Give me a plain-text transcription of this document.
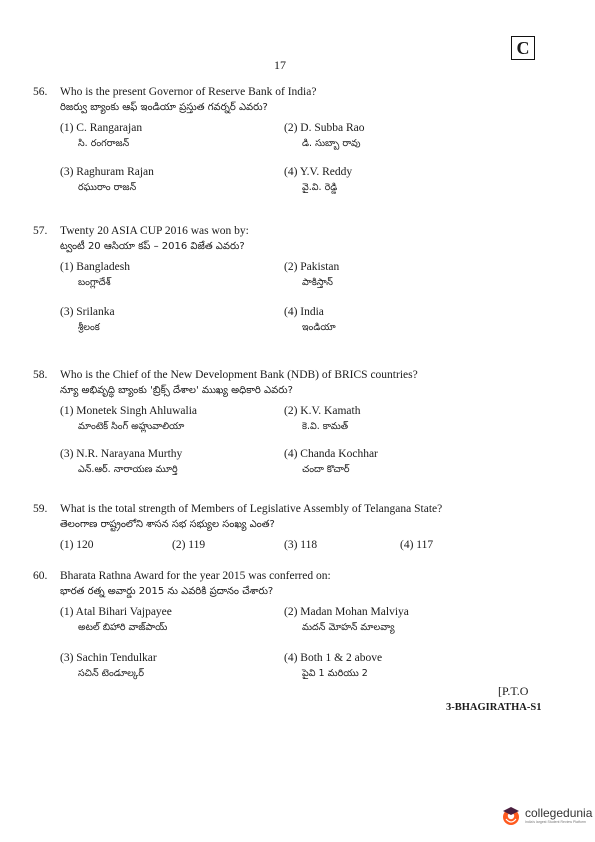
C
17
56.	Who is the present Governor of Reserve Bank of India?
రిజర్వు బ్యాంకు ఆఫ్ ఇండియా ప్రస్తుత గవర్నర్ ఎవరు?
(1) C. Rangarajan
సి. రంగరాజన్
(2) D. Subba Rao
డి. సుబ్బా రావు
(3) Raghuram Rajan
రఘురాం రాజన్
(4) Y.V. Reddy
వై.వి. రెడ్డి
57.	Twenty 20 ASIA CUP 2016 was won by:
ట్వంటీ 20 ఆసియా కప్ – 2016 విజేత ఎవరు?
(1) Bangladesh
బంగ్లాదేశ్
(2) Pakistan
పాకిస్తాన్
(3) Srilanka
శ్రీలంక
(4) India
ఇండియా
58.	Who is the Chief of the New Development Bank (NDB) of BRICS countries?
న్యూ అభివృద్ధి బ్యాంకు 'బ్రిక్స్ దేశాల' ముఖ్య అధికారి ఎవరు?
(1) Monetek Singh Ahluwalia
మాంటెక్ సింగ్ అహ్లువాలియా
(2) K.V. Kamath
కె.వి. కామత్
(3) N.R. Narayana Murthy
ఎన్.ఆర్. నారాయణ మూర్తి
(4) Chanda Kochhar
చందా కొచార్
59.	What is the total strength of Members of Legislative Assembly of Telangana State?
తెలంగాణ రాష్ట్రంలోని శాసన సభ సభ్యుల సంఖ్య ఎంత?
(1) 120	(2) 119	(3) 118	(4) 117
60.	Bharata Rathna Award for the year 2015 was conferred on:
భారత రత్న అవార్డు 2015 ను ఎవరికి ప్రదానం చేశారు?
(1) Atal Bihari Vajpayee
అటల్ బిహారి వాజ్‌పాయ్
(2) Madan Mohan Malviya
మదన్ మోహన్ మాలవ్యా
(3) Sachin Tendulkar
సచిన్ టెండూల్కర్
(4) Both 1 & 2 above
పైవి 1 మరియు 2
[P.T.O
3-BHAGIRATHA-S1
collegedunia
India's largest Student Review Platform
